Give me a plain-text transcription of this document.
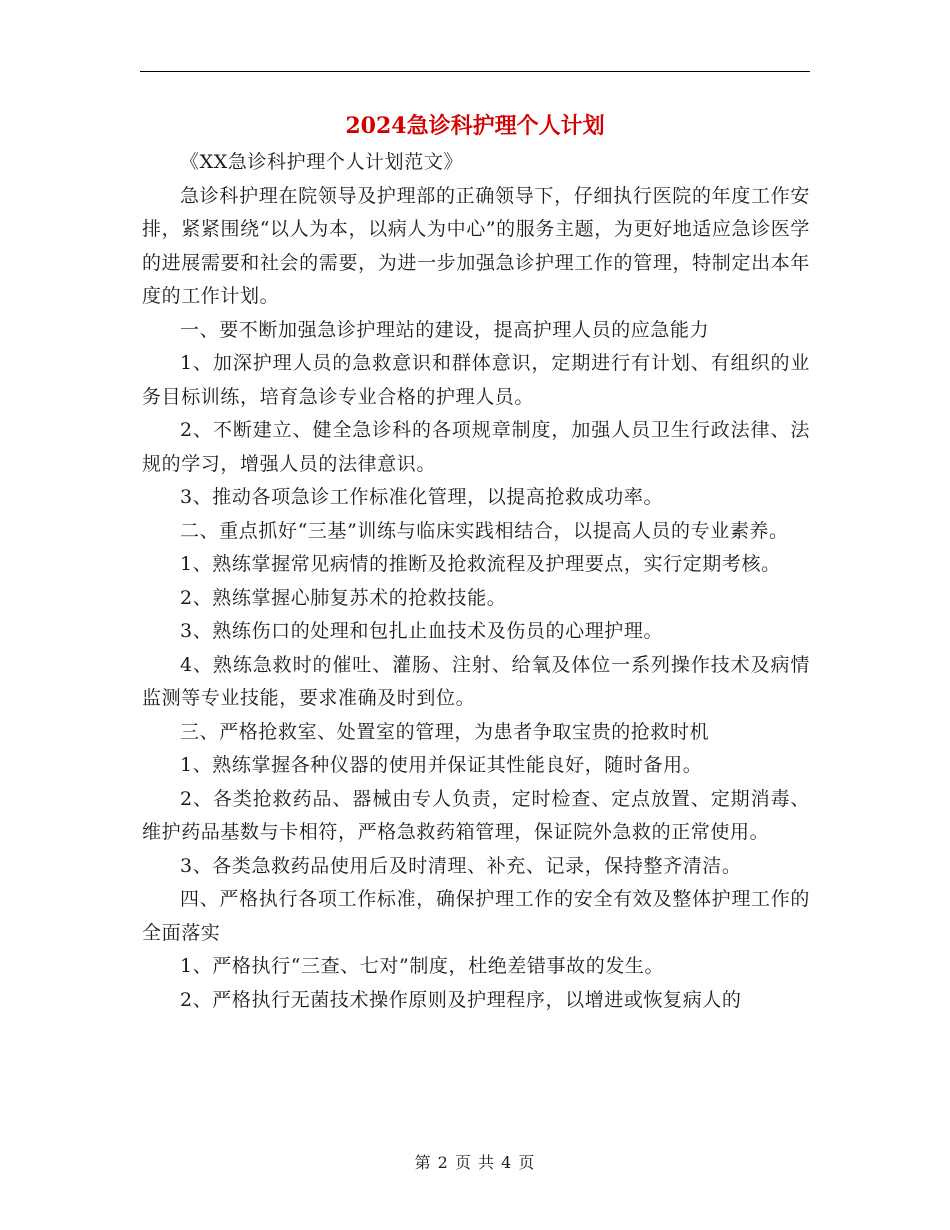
2024急诊科护理个人计划

《XX急诊科护理个人计划范文》

急诊科护理在院领导及护理部的正确领导下，仔细执行医院的年度工作安排，紧紧围绕“以人为本，以病人为中心”的服务主题，为更好地适应急诊医学的进展需要和社会的需要，为进一步加强急诊护理工作的管理，特制定出本年度的工作计划。

一、要不断加强急诊护理站的建设，提高护理人员的应急能力

1、加深护理人员的急救意识和群体意识，定期进行有计划、有组织的业务目标训练，培育急诊专业合格的护理人员。

2、不断建立、健全急诊科的各项规章制度，加强人员卫生行政法律、法规的学习，增强人员的法律意识。

3、推动各项急诊工作标准化管理，以提高抢救成功率。

二、重点抓好“三基”训练与临床实践相结合，以提高人员的专业素养。

1、熟练掌握常见病情的推断及抢救流程及护理要点，实行定期考核。

2、熟练掌握心肺复苏术的抢救技能。

3、熟练伤口的处理和包扎止血技术及伤员的心理护理。

4、熟练急救时的催吐、灌肠、注射、给氧及体位一系列操作技术及病情监测等专业技能，要求准确及时到位。

三、严格抢救室、处置室的管理，为患者争取宝贵的抢救时机

1、熟练掌握各种仪器的使用并保证其性能良好，随时备用。

2、各类抢救药品、器械由专人负责，定时检查、定点放置、定期消毒、维护药品基数与卡相符，严格急救药箱管理，保证院外急救的正常使用。

3、各类急救药品使用后及时清理、补充、记录，保持整齐清洁。

四、严格执行各项工作标准，确保护理工作的安全有效及整体护理工作的全面落实

1、严格执行“三查、七对”制度，杜绝差错事故的发生。

2、严格执行无菌技术操作原则及护理程序，以增进或恢复病人的

第 2 页 共 4 页
